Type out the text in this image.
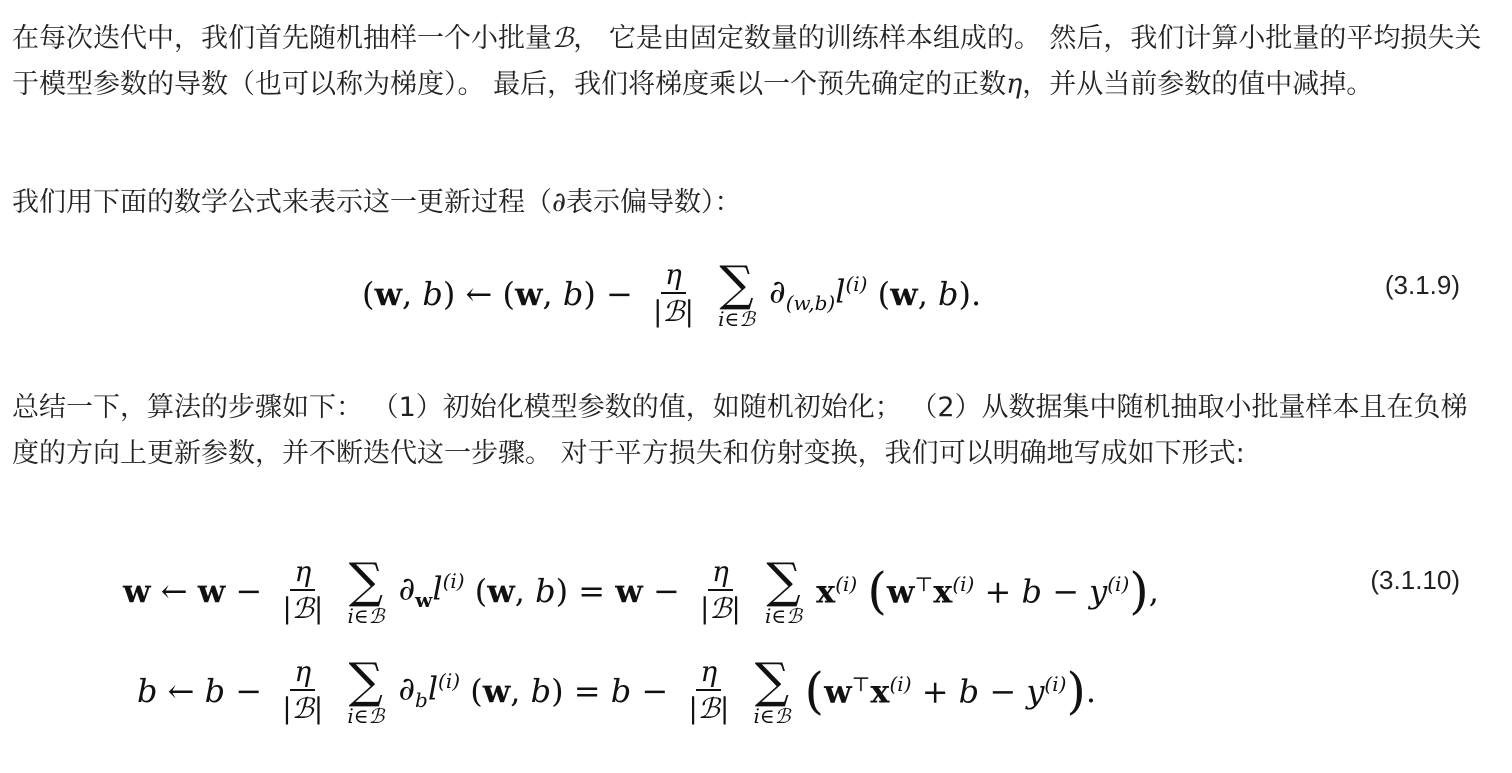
在每次迭代中，我们首先随机抽样一个小批量ℬ， 它是由固定数量的训练样本组成的。 然后，我们计算小批量的平均损失关于模型参数的导数（也可以称为梯度）。 最后，我们将梯度乘以一个预先确定的正数η，并从当前参数的值中减掉。

我们用下面的数学公式来表示这一更新过程（∂表示偏导数）：

总结一下，算法的步骤如下： （1）初始化模型参数的值，如随机初始化； （2）从数据集中随机抽取小批量样本且在负梯度的方向上更新参数，并不断迭代这一步骤。 对于平方损失和仿射变换，我们可以明确地写成如下形式:

(w, b) ← (w, $b) - \frac{\eta}{\text{|ℬ|}}$
∑
i∈ℬ
$\partial_{(w,b)}l^{(i)}$ (w, b).	(3.1.9)
w ← $w - \frac{\eta}{\text{|ℬ|}}$
∑
i∈ℬ
$\partial_wl^{(i)}$ (w, $b) = w - \frac{\eta}{\text{|ℬ|}}$
∑
i∈ℬ
$x^{(i)}$ $(w^⊤x^{(i)} + b - y^{(i)})$,
b ← $b - \frac{\eta}{\text{|ℬ|}}$
∑
i∈ℬ
$\partial_bl^{(i)}$ (w, $b) = b - \frac{\eta}{\text{|ℬ|}}$
∑
i∈ℬ $(w^⊤x^{(i)} + b - y^{(i)})$.
(3.1.10)
